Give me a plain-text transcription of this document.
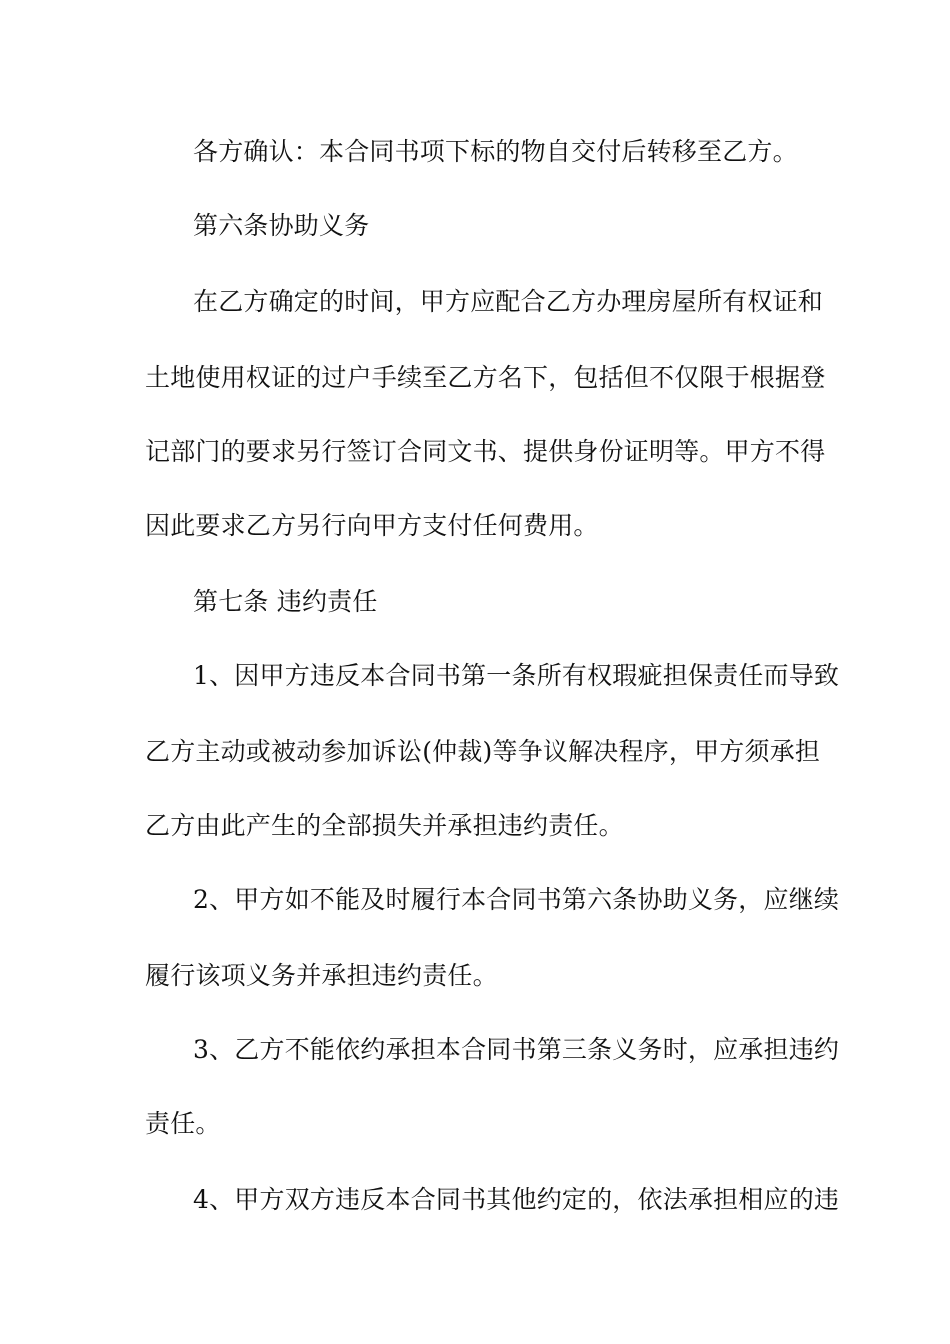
各方确认：本合同书项下标的物自交付后转移至乙方。
第六条协助义务
在乙方确定的时间，甲方应配合乙方办理房屋所有权证和
土地使用权证的过户手续至乙方名下，包括但不仅限于根据登
记部门的要求另行签订合同文书、提供身份证明等。甲方不得
因此要求乙方另行向甲方支付任何费用。
第七条 违约责任
1、因甲方违反本合同书第一条所有权瑕疵担保责任而导致
乙方主动或被动参加诉讼(仲裁)等争议解决程序，甲方须承担
乙方由此产生的全部损失并承担违约责任。
2、甲方如不能及时履行本合同书第六条协助义务，应继续
履行该项义务并承担违约责任。
3、乙方不能依约承担本合同书第三条义务时，应承担违约
责任。
4、甲方双方违反本合同书其他约定的，依法承担相应的违
